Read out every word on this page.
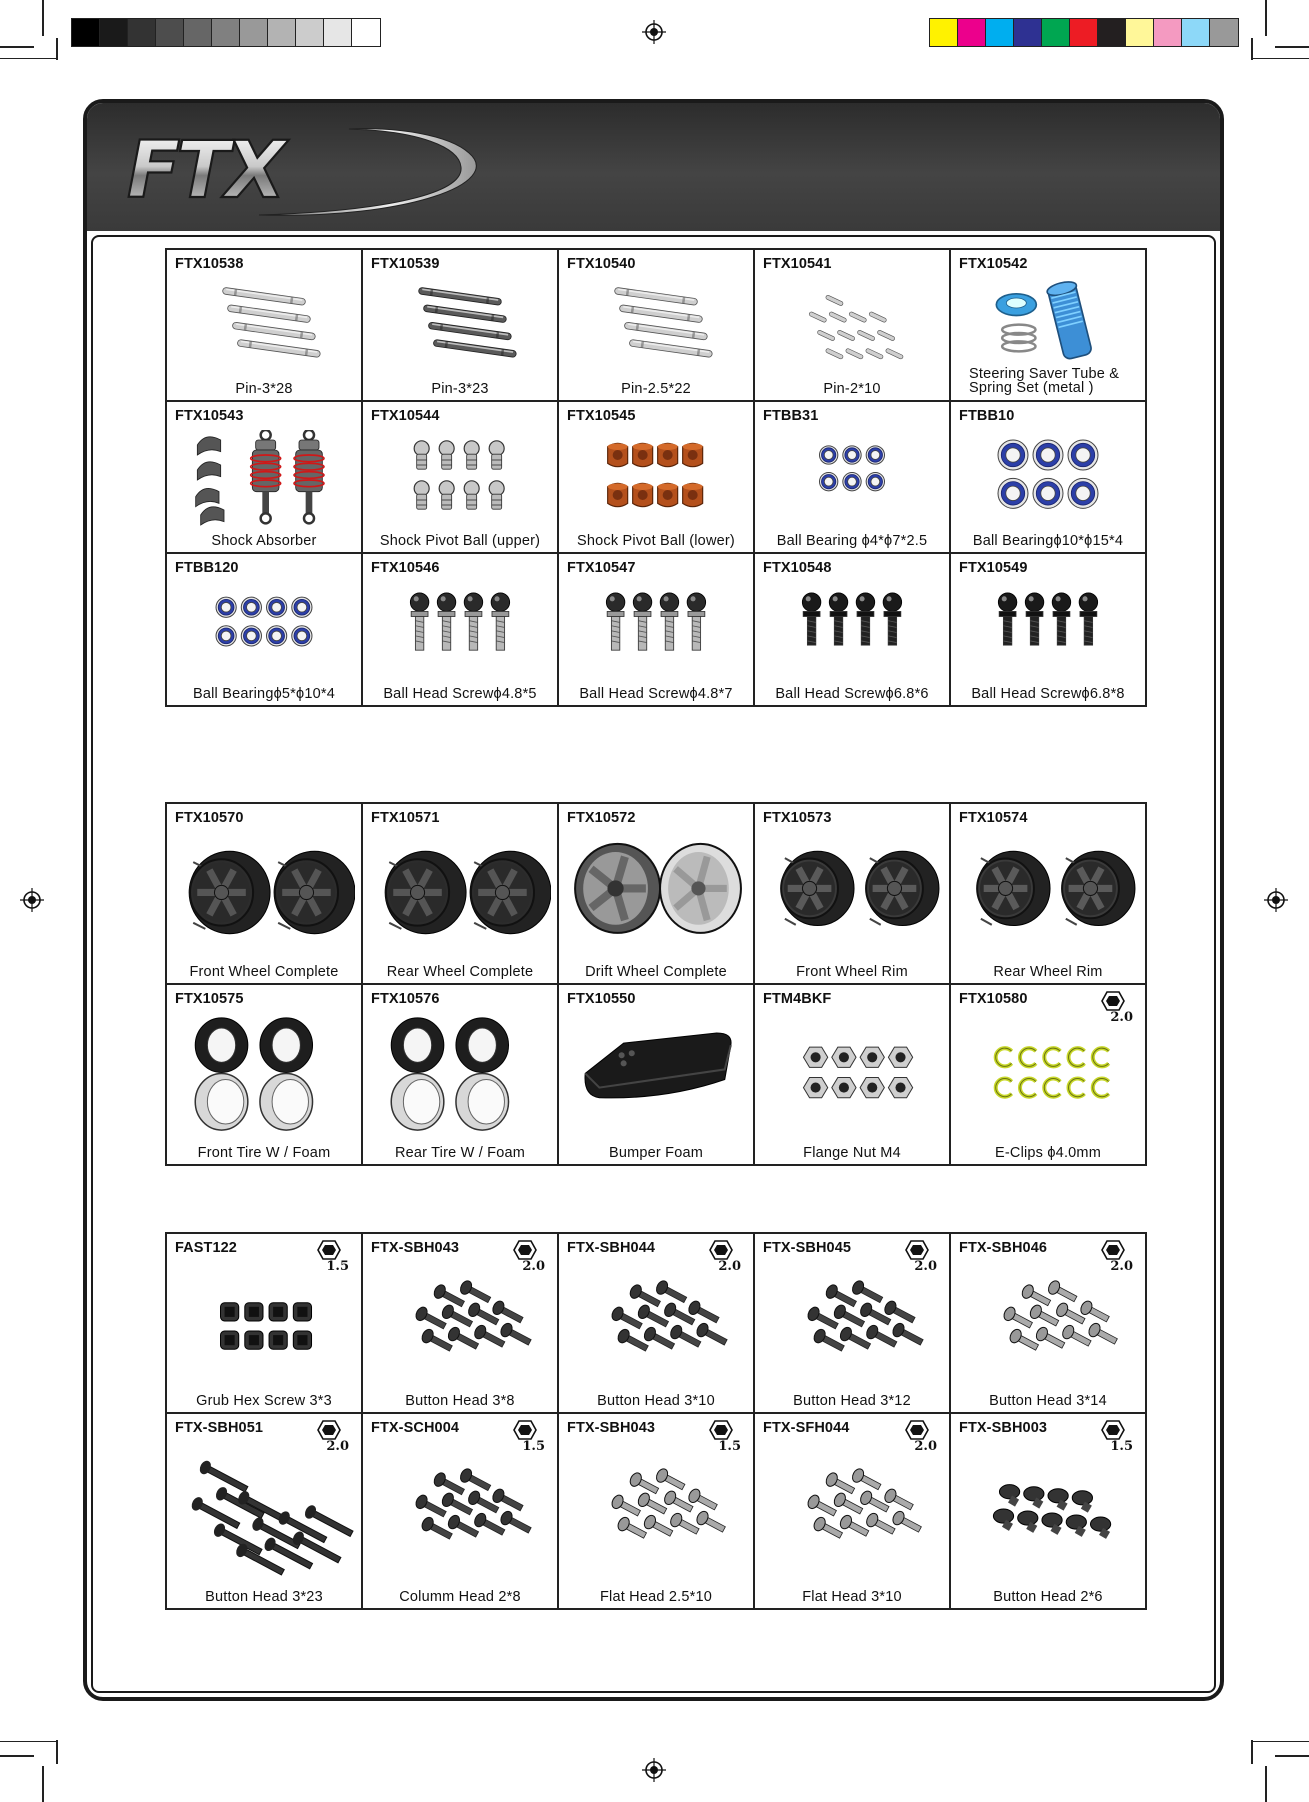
FTX
FTX10538
Pin-3*28
FTX10539
Pin-3*23
FTX10540
Pin-2.5*22
FTX10541
Pin-2*10
FTX10542
Steering Saver Tube & Spring Set (metal )
FTX10543
Shock Absorber
FTX10544
Shock Pivot Ball (upper)
FTX10545
Shock Pivot Ball (lower)
FTBB31
Ball Bearing ϕ4*ϕ7*2.5
FTBB10
Ball Bearingϕ10*ϕ15*4
FTBB120
Ball Bearingϕ5*ϕ10*4
FTX10546
Ball Head Screwϕ4.8*5
FTX10547
Ball Head Screwϕ4.8*7
FTX10548
Ball Head Screwϕ6.8*6
FTX10549
Ball Head Screwϕ6.8*8
FTX10570
Front Wheel Complete
FTX10571
Rear Wheel Complete
FTX10572
Drift Wheel Complete
FTX10573
Front Wheel Rim
FTX10574
Rear Wheel Rim
FTX10575
Front Tire W / Foam
FTX10576
Rear Tire W / Foam
FTX10550
Bumper Foam
FTM4BKF
Flange Nut M4
FTX10580
2.0
E-Clips ϕ4.0mm
FAST122
1.5
Grub Hex Screw 3*3
FTX-SBH043
2.0
Button Head 3*8
FTX-SBH044
2.0
Button Head 3*10
FTX-SBH045
2.0
Button Head 3*12
FTX-SBH046
2.0
Button Head 3*14
FTX-SBH051
2.0
Button Head 3*23
FTX-SCH004
1.5
Columm Head 2*8
FTX-SBH043
1.5
Flat Head 2.5*10
FTX-SFH044
2.0
Flat Head 3*10
FTX-SBH003
1.5
Button Head 2*6
